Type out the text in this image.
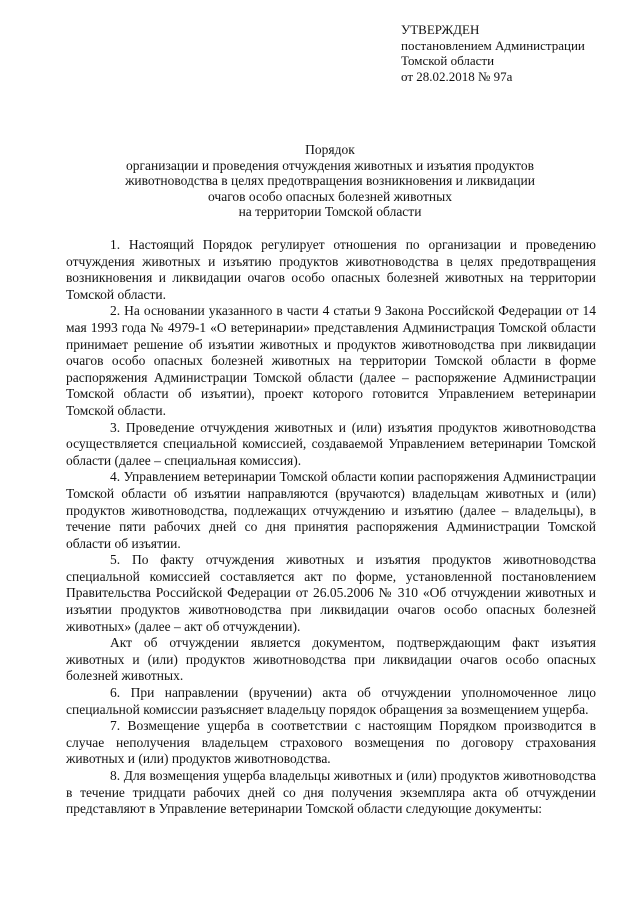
УТВЕРЖДЕН
постановлением Администрации
Томской области
от 28.02.2018 № 97а
Порядок
организации и проведения отчуждения животных и изъятия продуктов
животноводства в целях предотвращения возникновения и ликвидации
очагов особо опасных болезней животных
на территории Томской области

1. Настоящий Порядок регулирует отношения по организации и проведению отчуждения животных и изъятию продуктов животноводства в целях предотвращения возникновения и ликвидации очагов особо опасных болезней животных на территории Томской области.

2. На основании указанного в части 4 статьи 9 Закона Российской Федерации от 14 мая 1993 года № 4979-1 «О ветеринарии» представления Администрация Томской области принимает решение об изъятии животных и продуктов животноводства при ликвидации очагов особо опасных болезней животных на территории Томской области в форме распоряжения Администрации Томской области (далее – распоряжение Администрации Томской области об изъятии), проект которого готовится Управлением ветеринарии Томской области.

3. Проведение отчуждения животных и (или) изъятия продуктов животноводства осуществляется специальной комиссией, создаваемой Управлением ветеринарии Томской области (далее – специальная комиссия).

4. Управлением ветеринарии Томской области копии распоряжения Администрации Томской области об изъятии направляются (вручаются) владельцам животных и (или) продуктов животноводства, подлежащих отчуждению и изъятию (далее – владельцы), в течение пяти рабочих дней со дня принятия распоряжения Администрации Томской области об изъятии.

5. По факту отчуждения животных и изъятия продуктов животноводства специальной комиссией составляется акт по форме, установленной постановлением Правительства Российской Федерации от 26.05.2006 № 310 «Об отчуждении животных и изъятии продуктов животноводства при ликвидации очагов особо опасных болезней животных» (далее – акт об отчуждении).

Акт об отчуждении является документом, подтверждающим факт изъятия животных и (или) продуктов животноводства при ликвидации очагов особо опасных болезней животных.

6. При направлении (вручении) акта об отчуждении уполномоченное лицо специальной комиссии разъясняет владельцу порядок обращения за возмещением ущерба.

7. Возмещение ущерба в соответствии с настоящим Порядком производится в случае неполучения владельцем страхового возмещения по договору страхования животных и (или) продуктов животноводства.

8. Для возмещения ущерба владельцы животных и (или) продуктов животноводства в течение тридцати рабочих дней со дня получения экземпляра акта об отчуждении представляют в Управление ветеринарии Томской области следующие документы:
